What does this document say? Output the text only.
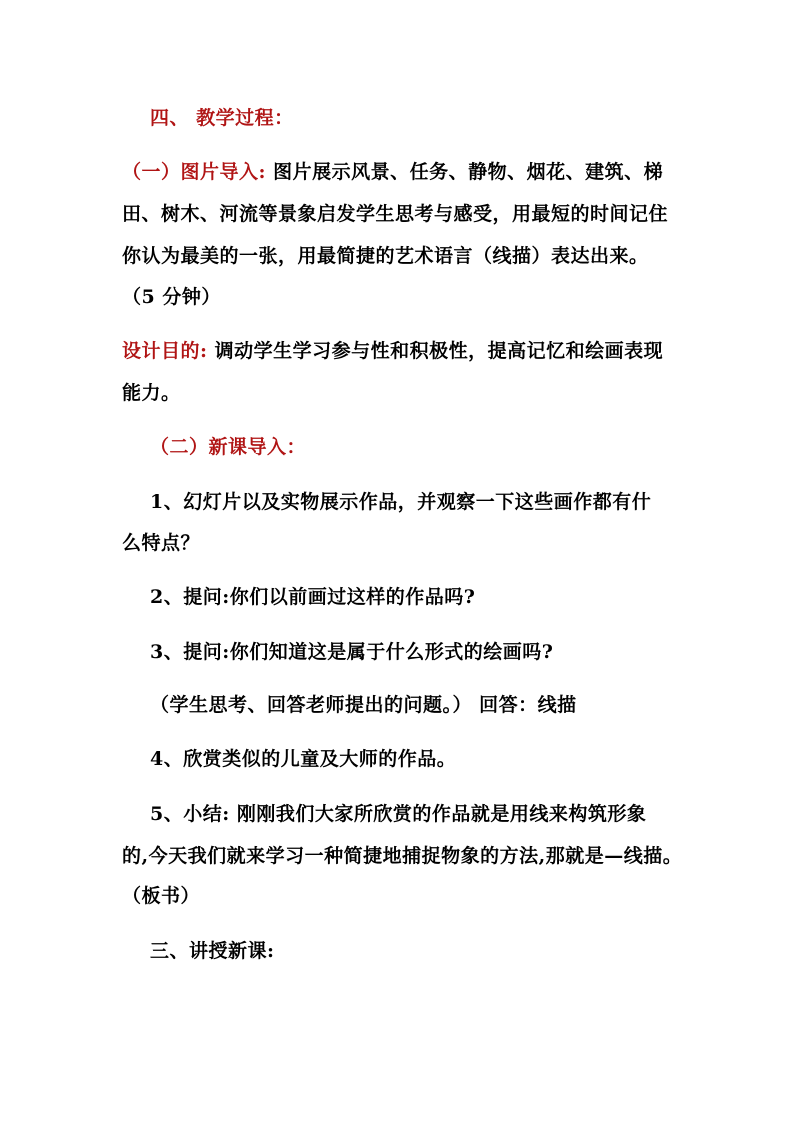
四、 教学过程：
（一）图片导入: 图片展示风景、任务、静物、烟花、建筑、梯
田、树木、河流等景象启发学生思考与感受，用最短的时间记住
你认为最美的一张，用最简捷的艺术语言（线描）表达出来。
（5 分钟）
设计目的: 调动学生学习参与性和积极性，提高记忆和绘画表现
能力。
（二）新课导入：
1、幻灯片以及实物展示作品，并观察一下这些画作都有什
么特点？
2、提问:你们以前画过这样的作品吗?
3、提问:你们知道这是属于什么形式的绘画吗?
（学生思考、回答老师提出的问题。） 回答：线描
4、欣赏类似的儿童及大师的作品。
5、小结: 刚刚我们大家所欣赏的作品就是用线来构筑形象
的,今天我们就来学习一种简捷地捕捉物象的方法,那就是—线描。
（板书）
三、讲授新课:
